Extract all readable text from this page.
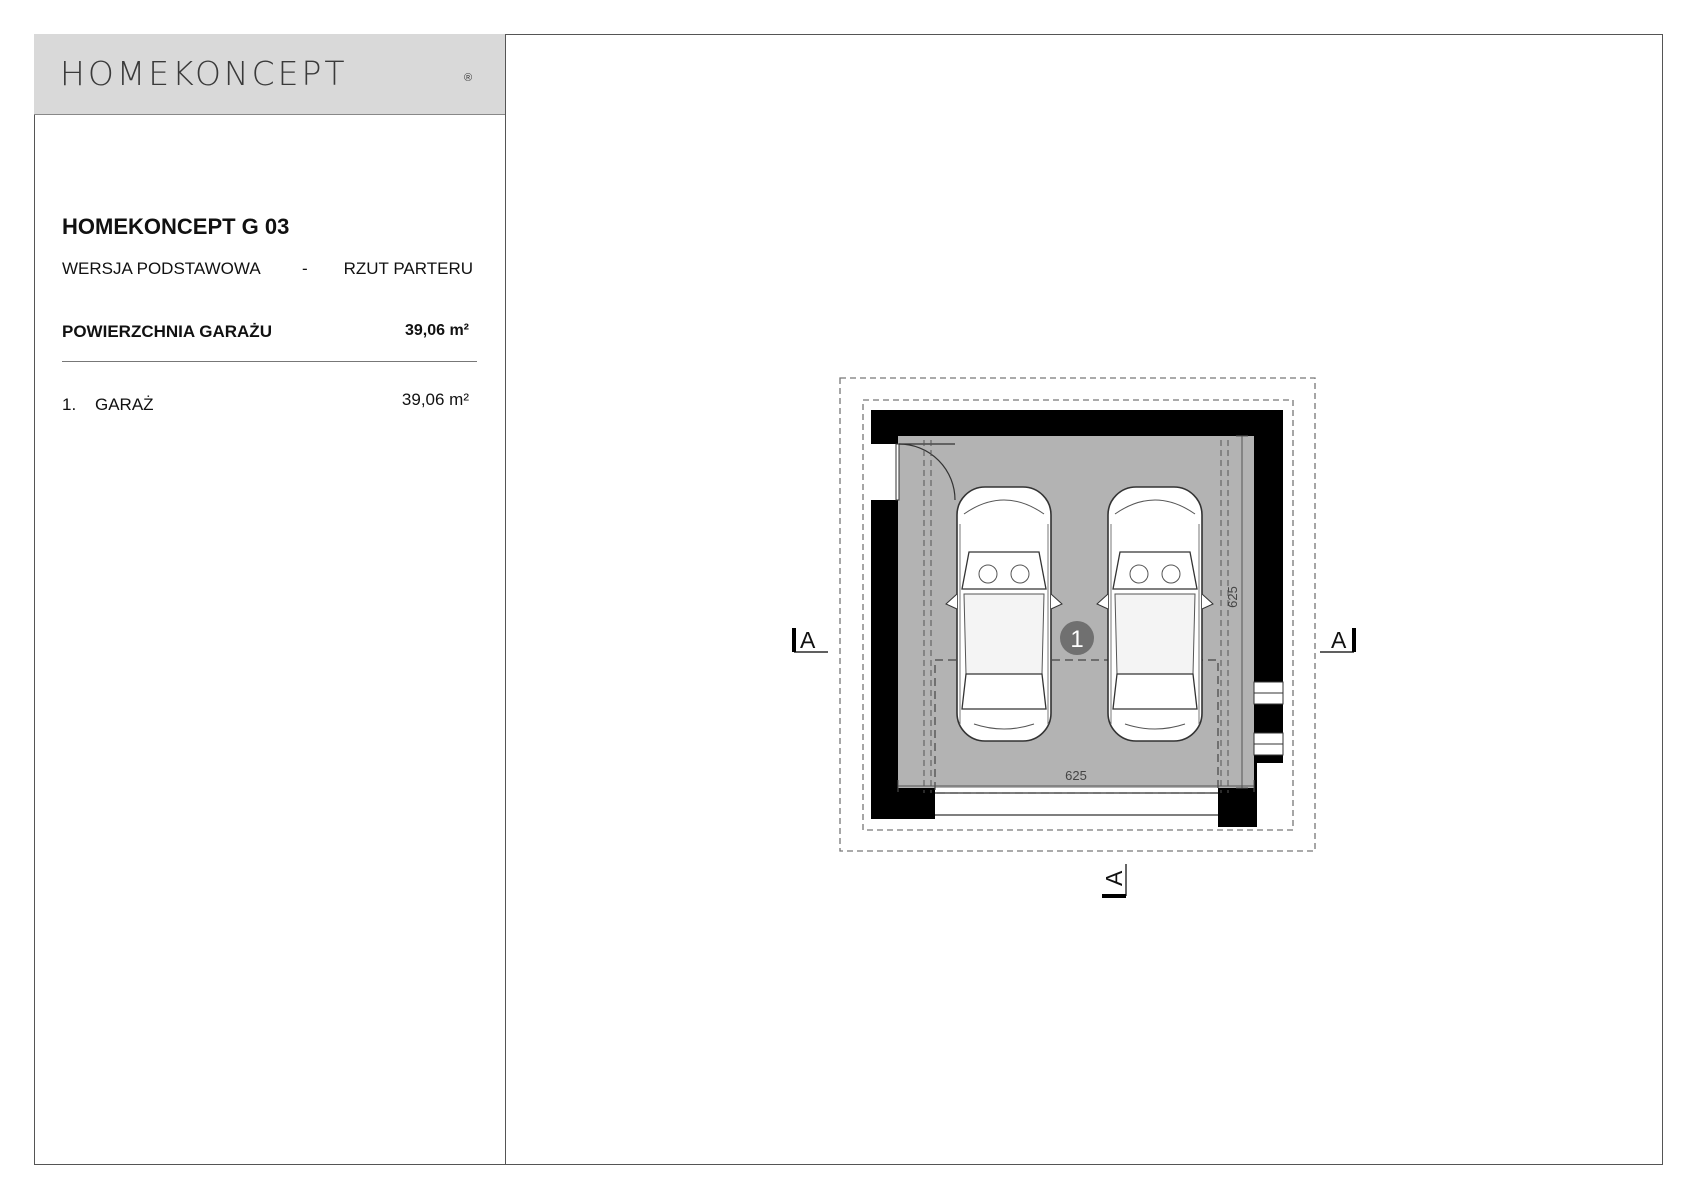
HOMEKONCEPT	®
HOMEKONCEPT G 03
WERSJA PODSTAWOWA - RZUT PARTERU
POWIERZCHNIA GARAŻU	39,06 m²
1. GARAŻ	39,06 m²
1
625
625
A	A
A
